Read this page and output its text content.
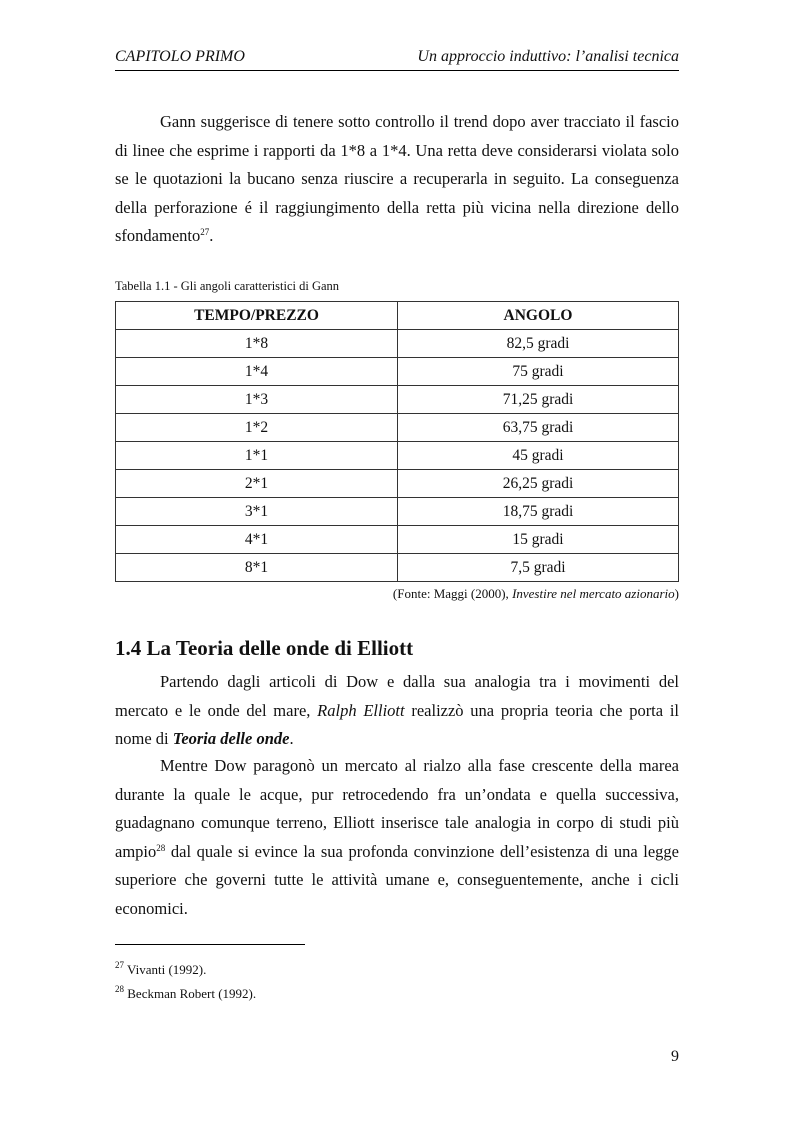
CAPITOLO PRIMO	Un approccio induttivo: l’analisi tecnica

Gann suggerisce di tenere sotto controllo il trend dopo aver tracciato il fascio di linee che esprime i rapporti da 1*8 a 1*4. Una retta deve considerarsi violata solo se le quotazioni la bucano senza riuscire a recuperarla in seguito. La conseguenza della perforazione é il raggiungimento della retta più vicina nella direzione dello sfondamento$^{27}$.

Tabella 1.1 - Gli angoli caratteristici di Gann
TEMPO/PREZZO	ANGOLO
1*8	82,5 gradi
1*4	75 gradi
1*3	71,25 gradi
1*2	63,75 gradi
1*1	45 gradi
2*1	26,25 gradi
3*1	18,75 gradi
4*1	15 gradi
8*1	7,5 gradi
(Fonte: Maggi (2000), Investire nel mercato azionario)
1.4 La Teoria delle onde di Elliott

Partendo dagli articoli di Dow e dalla sua analogia tra i movimenti del mercato e le onde del mare, Ralph Elliott realizzò una propria teoria che porta il nome di Teoria delle onde.

Mentre Dow paragonò un mercato al rialzo alla fase crescente della marea durante la quale le acque, pur retrocedendo fra un’ondata e quella successiva, guadagnano comunque terreno, Elliott inserisce tale analogia in corpo di studi più ampio$^{28}$ dal quale si evince la sua profonda convinzione dell’esistenza di una legge superiore che governi tutte le attività umane e, conseguentemente, anche i cicli economici.

$^{27}$ Vivanti (1992).
$^{28}$ Beckman Robert (1992).
9
